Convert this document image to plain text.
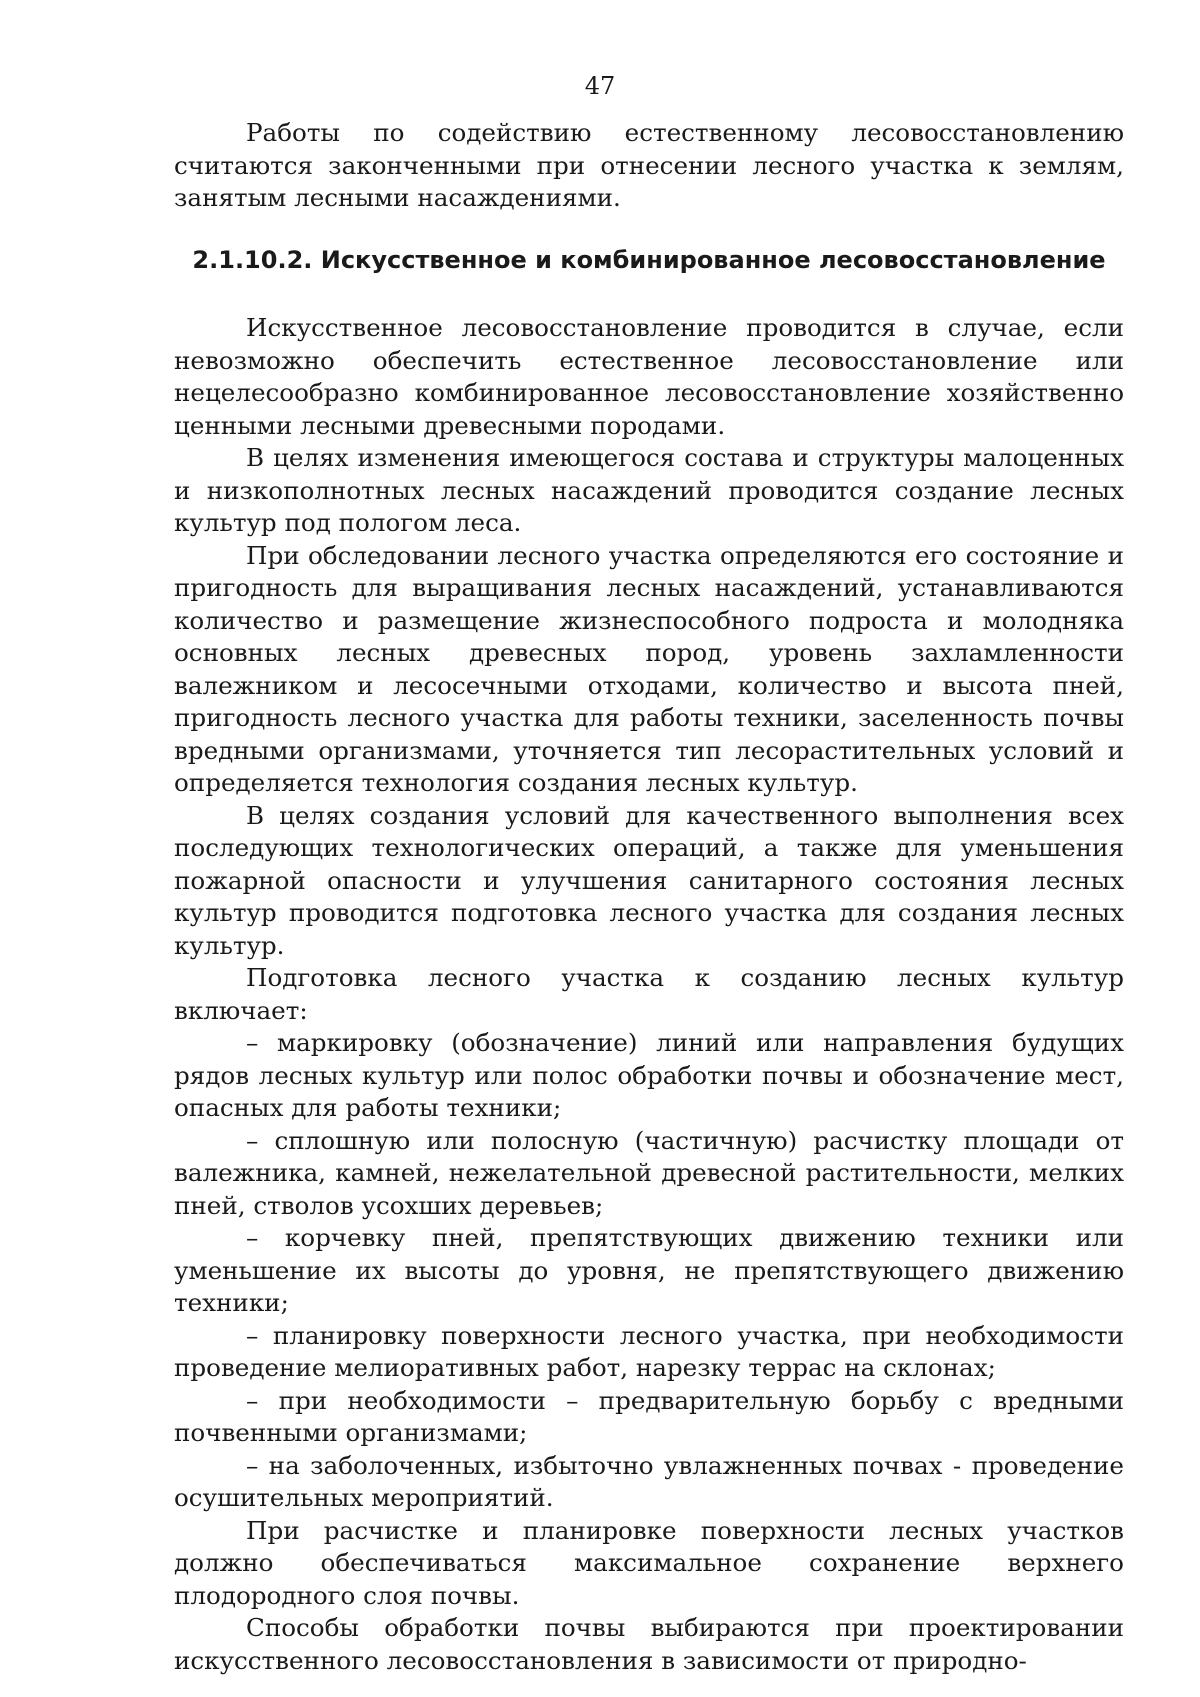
47

Работы по содействию естественному лесовосстановлению считаются законченными при отнесении лесного участка к землям, занятым лесными насаждениями.

2.1.10.2. Искусственное и комбинированное лесовосстановление

Искусственное лесовосстановление проводится в случае, если невозможно обеспечить естественное лесовосстановление или нецелесообразно комбинированное лесовосстановление хозяйственно ценными лесными древесными породами.

В целях изменения имеющегося состава и структуры малоценных и низкополнотных лесных насаждений проводится создание лесных культур под пологом леса.

При обследовании лесного участка определяются его состояние и пригодность для выращивания лесных насаждений, устанавливаются количество и размещение жизнеспособного подроста и молодняка основных лесных древесных пород, уровень захламленности валежником и лесосечными отходами, количество и высота пней, пригодность лесного участка для работы техники, заселенность почвы вредными организмами, уточняется тип лесорастительных условий и определяется технология создания лесных культур.

В целях создания условий для качественного выполнения всех последующих технологических операций, а также для уменьшения пожарной опасности и улучшения санитарного состояния лесных культур проводится подготовка лесного участка для создания лесных культур.

Подготовка лесного участка к созданию лесных культур включает:

– маркировку (обозначение) линий или направления будущих рядов лесных культур или полос обработки почвы и обозначение мест, опасных для работы техники;

– сплошную или полосную (частичную) расчистку площади от валежника, камней, нежелательной древесной растительности, мелких пней, стволов усохших деревьев;

– корчевку пней, препятствующих движению техники или уменьшение их высоты до уровня, не препятствующего движению техники;

– планировку поверхности лесного участка, при необходимости проведение мелиоративных работ, нарезку террас на склонах;

– при необходимости – предварительную борьбу с вредными почвенными организмами;

– на заболоченных, избыточно увлажненных почвах - проведение осушительных мероприятий.

При расчистке и планировке поверхности лесных участков должно обеспечиваться максимальное сохранение верхнего плодородного слоя почвы.

Способы обработки почвы выбираются при проектировании искусственного лесовосстановления в зависимости от природно-
